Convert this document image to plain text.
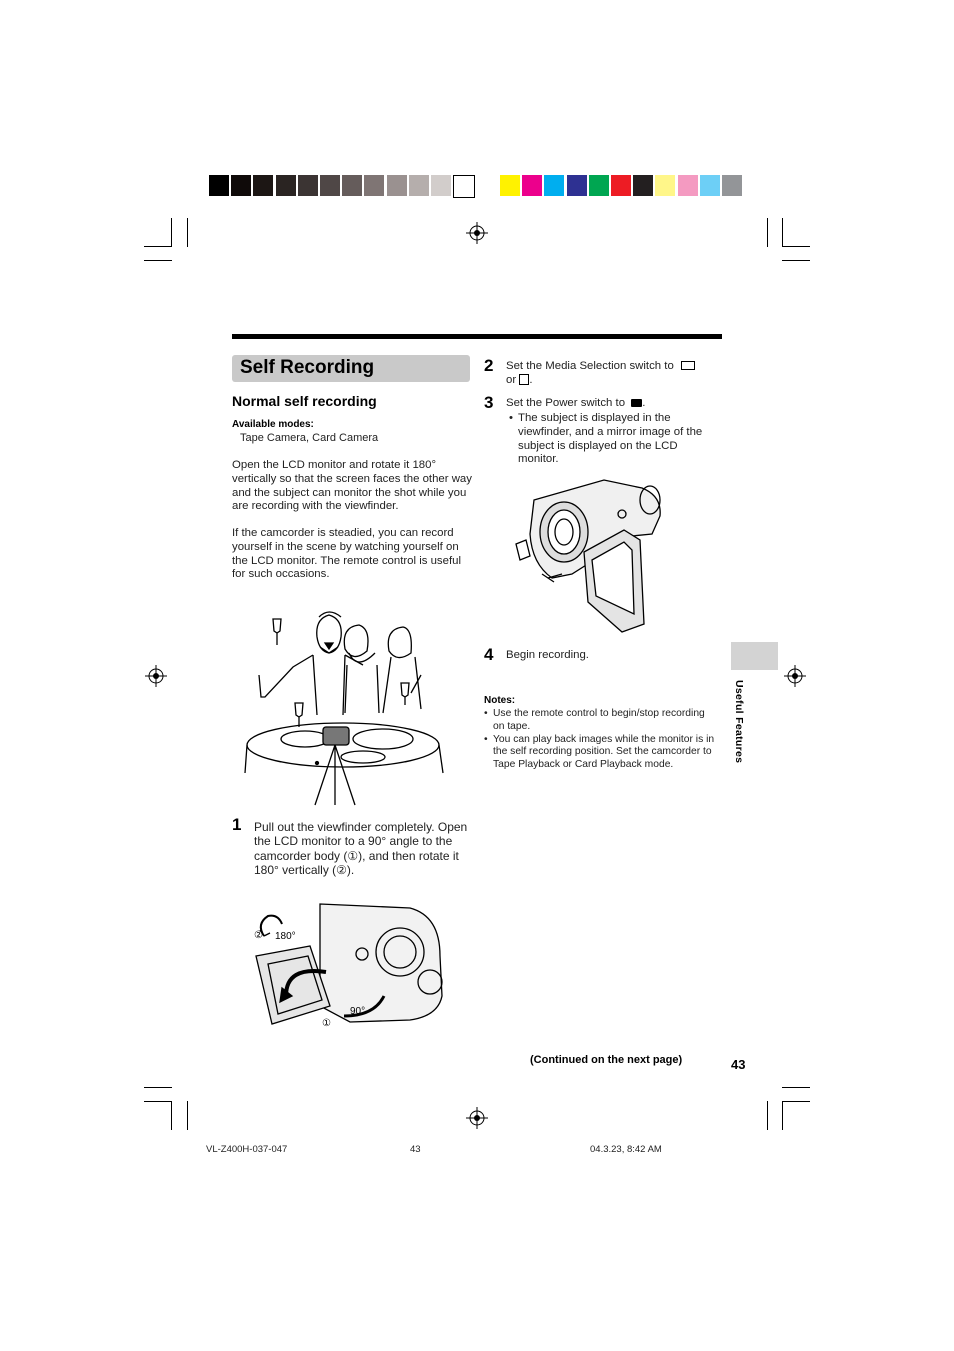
Self Recording
Normal self recording
Available modes:
Tape Camera, Card Camera
Open the LCD monitor and rotate it 180° vertically so that the screen faces the other way and the subject can monitor the shot while you are recording with the viewfinder.
If the camcorder is steadied, you can record yourself in the scene by watching yourself on the LCD monitor. The remote control is useful for such occasions.
1 Pull out the viewfinder completely. Open the LCD monitor to a 90° angle to the camcorder body (①), and then rotate it 180° vertically (②).
② 180°
90°
①
2 Set the Media Selection switch to
or .
3 Set the Power switch to .
• The subject is displayed in the viewfinder, and a mirror image of the subject is displayed on the LCD monitor.
4 Begin recording.
Notes:
• Use the remote control to begin/stop recording on tape.
• You can play back images while the monitor is in the self recording position. Set the camcorder to Tape Playback or Card Playback mode.
Useful Features
(Continued on the next page)	43
VL-Z400H-037-047	43	04.3.23, 8:42 AM
